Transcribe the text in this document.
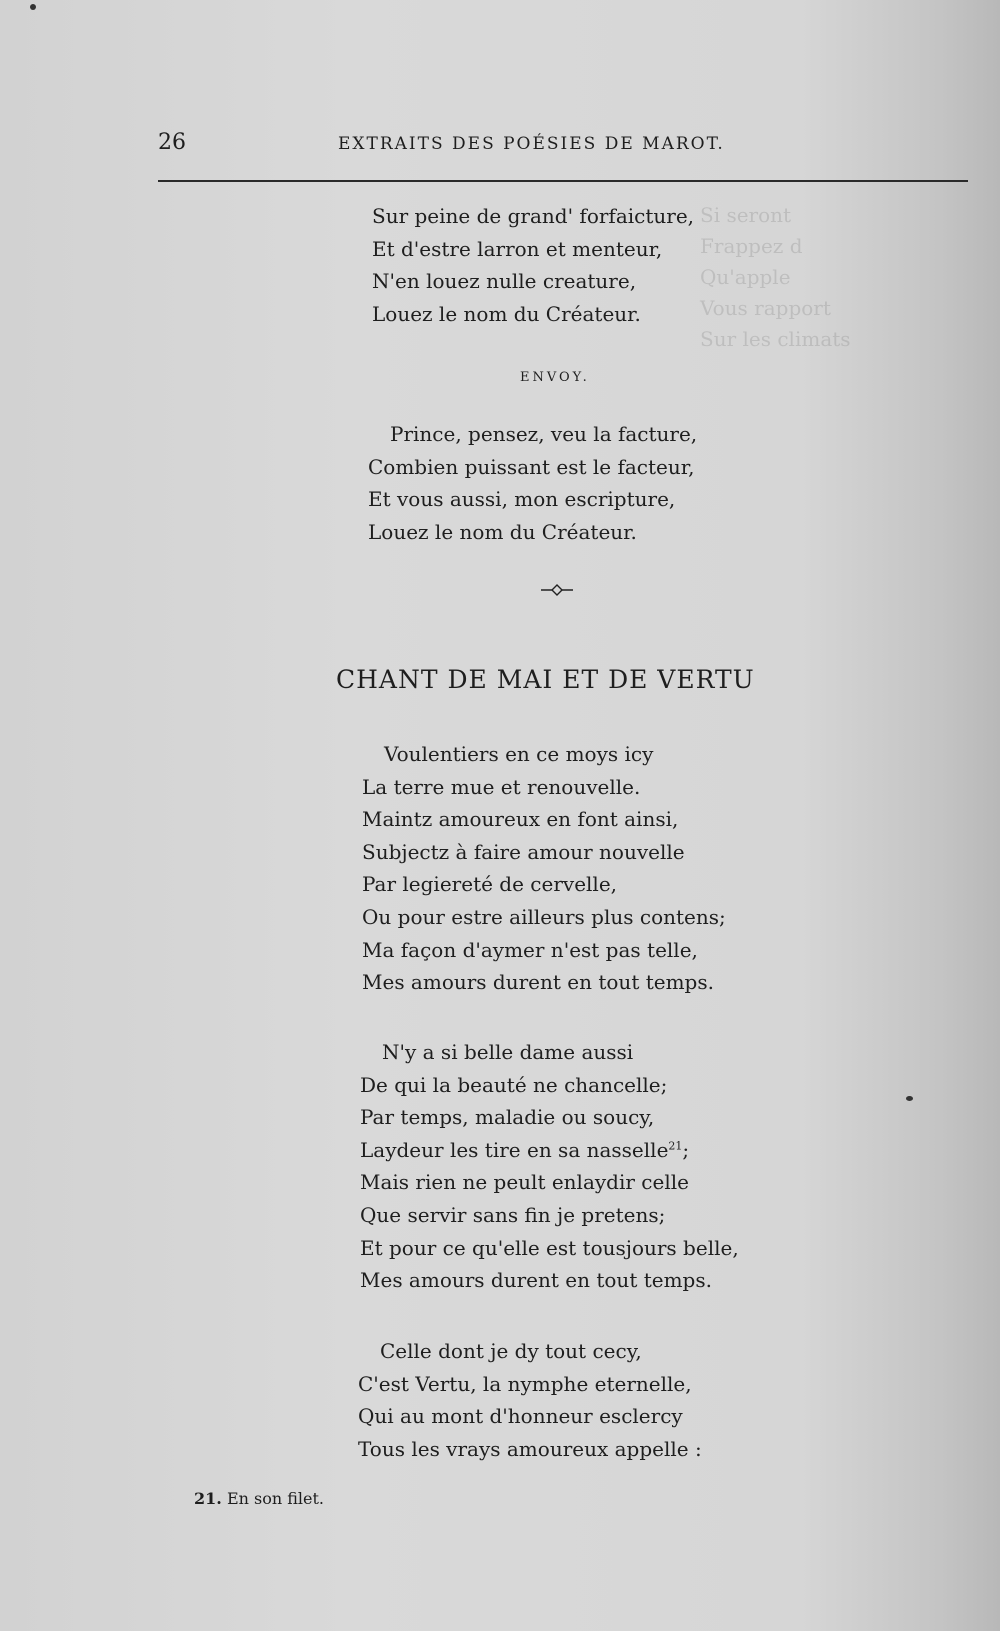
Si seront
Frappez d
Qu'apple
Vous rapport
Sur les climats
26	EXTRAITS DES POÉSIES DE MAROT.
Sur peine de grand' forfaicture,
Et d'estre larron et menteur,
N'en louez nulle creature,
Louez le nom du Créateur.
ENVOY.
Prince, pensez, veu la facture,
Combien puissant est le facteur,
Et vous aussi, mon escripture,
Louez le nom du Créateur.
CHANT DE MAI ET DE VERTU
Voulentiers en ce moys icy
La terre mue et renouvelle.
Maintz amoureux en font ainsi,
Subjectz à faire amour nouvelle
Par legiereté de cervelle,
Ou pour estre ailleurs plus contens;
Ma façon d'aymer n'est pas telle,
Mes amours durent en tout temps.
N'y a si belle dame aussi
De qui la beauté ne chancelle;
Par temps, maladie ou soucy,
Laydeur les tire en sa nasselle$^{21}$;
Mais rien ne peult enlaydir celle
Que servir sans fin je pretens;
Et pour ce qu'elle est tousjours belle,
Mes amours durent en tout temps.
Celle dont je dy tout cecy,
C'est Vertu, la nymphe eternelle,
Qui au mont d'honneur esclercy
Tous les vrays amoureux appelle :
21. En son filet.
